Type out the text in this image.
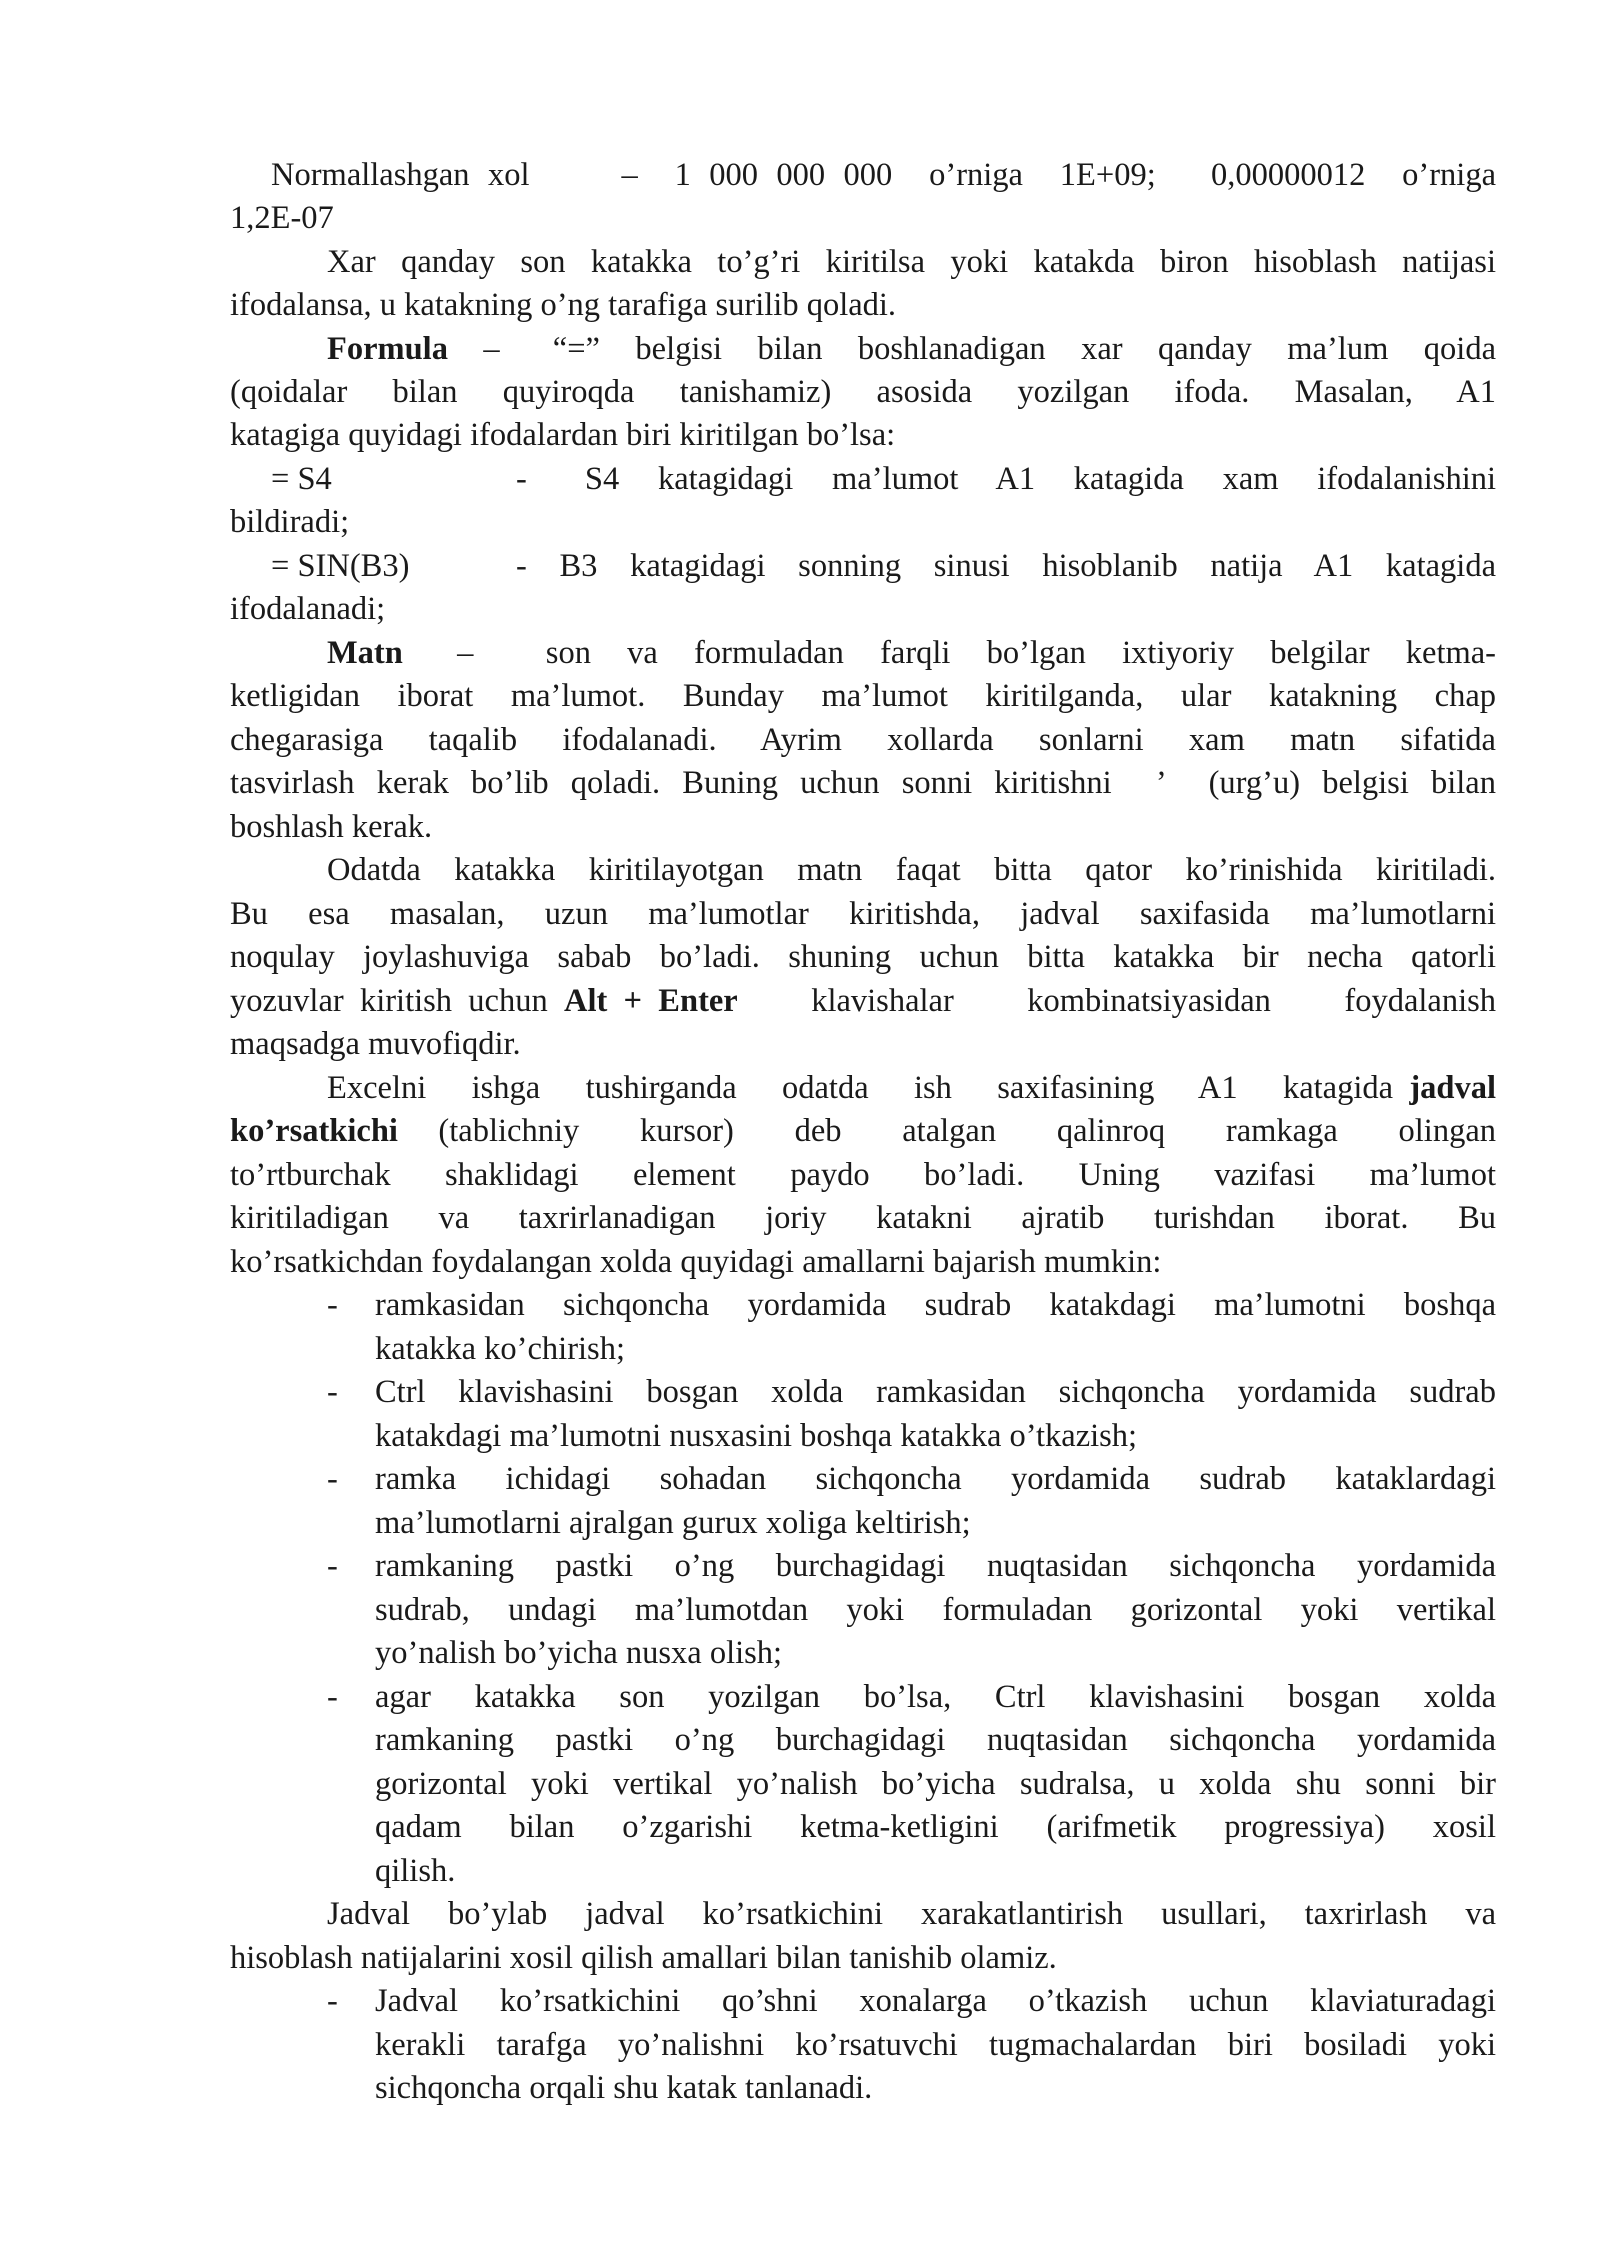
Normallashgan xol     –  1 000 000 000  o’rniga  1E+09;   0,00000012  o’rniga
1,2E-07
Xar qanday son katakka to’g’ri kiritilsa yoki katakda biron hisoblash natijasi
ifodalansa, u katakning o’ng tarafiga surilib qoladi.
Formula –   “=”  belgisi  bilan  boshlanadigan  xar  qanday  ma’lum  qoida
(qoidalar  bilan  quyiroqda  tanishamiz)  asosida  yozilgan  ifoda.  Masalan,  A1
katagiga quyidagi ifodalardan biri kiritilgan bo’lsa:
= S4	-   S4  katagidagi  ma’lumot  A1  katagida  xam  ifodalanishini
bildiradi;
= SIN(B3)	-  B3  katagidagi  sonning  sinusi  hisoblanib  natija  A1  katagida
ifodalanadi;
Matn –    son  va  formuladan  farqli  bo’lgan  ixtiyoriy  belgilar  ketma-
ketligidan  iborat  ma’lumot.  Bunday  ma’lumot  kiritilganda,  ular  katakning  chap
chegarasiga  taqalib  ifodalanadi.  Ayrim  xollarda  sonlarni  xam  matn  sifatida
tasvirlash kerak bo’lib qoladi. Buning uchun sonni kiritishni  ’  (urg’u) belgisi bilan
boshlash kerak.
Odatda katakka kiritilayotgan matn faqat bitta qator ko’rinishida kiritiladi.
Bu  esa  masalan,  uzun  ma’lumotlar  kiritishda,  jadval  saxifasida  ma’lumotlarni
noqulay joylashuviga sabab bo’ladi. shuning uchun bitta katakka bir necha qatorli
yozuvlar  kiritish  uchun Alt  +  Enter klavishalar  kombinatsiyasidan  foydalanish
maqsadga muvofiqdir.
Excelni  ishga  tushirganda  odatda  ish  saxifasining  A1  katagida jadval
ko’rsatkichi (tablichniy   kursor)   deb   atalgan   qalinroq   ramkaga   olingan
to’rtburchak   shaklidagi   element   paydo   bo’ladi.   Uning   vazifasi   ma’lumot
kiritiladigan  va  taxrirlanadigan  joriy  katakni  ajratib  turishdan  iborat.  Bu
ko’rsatkichdan foydalangan xolda quyidagi amallarni bajarish mumkin:
- ramkasidan sichqoncha yordamida sudrab katakdagi ma’lumotni boshqa
katakka ko’chirish;
- Ctrl klavishasini bosgan xolda ramkasidan sichqoncha yordamida sudrab
katakdagi ma’lumotni nusxasini boshqa katakka o’tkazish;
- ramka  ichidagi  sohadan  sichqoncha  yordamida  sudrab  kataklardagi
ma’lumotlarni ajralgan gurux xoliga keltirish;
- ramkaning  pastki  o’ng  burchagidagi  nuqtasidan  sichqoncha  yordamida
sudrab,  undagi  ma’lumotdan  yoki  formuladan  gorizontal  yoki  vertikal
yo’nalish bo’yicha nusxa olish;
- agar   katakka   son   yozilgan   bo’lsa,   Ctrl   klavishasini   bosgan   xolda
ramkaning  pastki  o’ng  burchagidagi  nuqtasidan  sichqoncha  yordamida
gorizontal yoki vertikal yo’nalish bo’yicha sudralsa, u xolda shu sonni bir
qadam  bilan  o’zgarishi  ketma-ketligini  (arifmetik  progressiya)  xosil
qilish.
Jadval bo’ylab jadval ko’rsatkichini xarakatlantirish usullari, taxrirlash va
hisoblash natijalarini xosil qilish amallari bilan tanishib olamiz.
- Jadval  ko’rsatkichini  qo’shni  xonalarga  o’tkazish  uchun  klaviaturadagi
kerakli tarafga yo’nalishni ko’rsatuvchi tugmachalardan biri bosiladi yoki
sichqoncha orqali shu katak tanlanadi.
